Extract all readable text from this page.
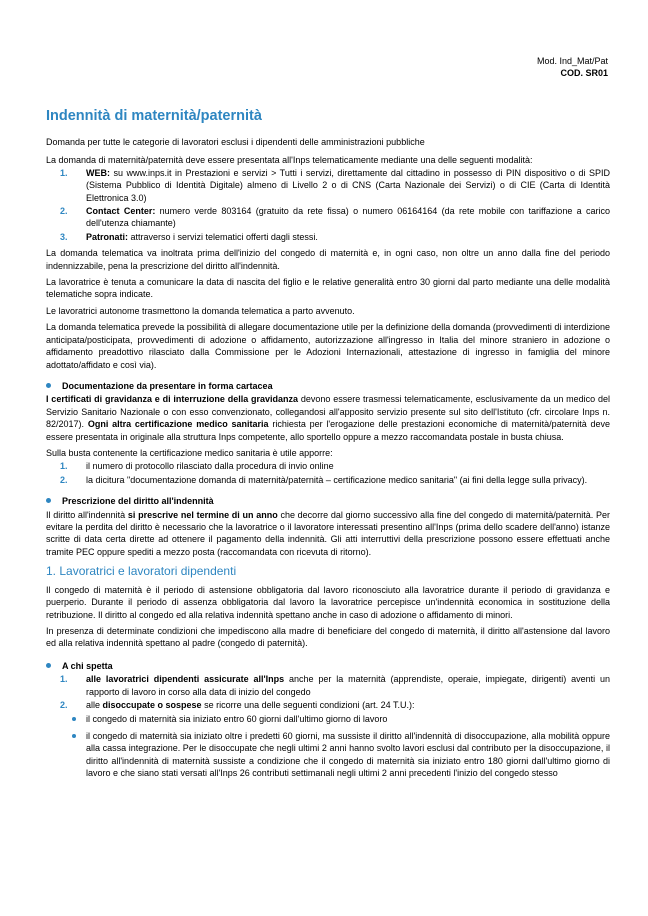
Mod. Ind_Mat/Pat
COD. SR01
Indennità di maternità/paternità

Domanda per tutte le categorie di lavoratori esclusi i dipendenti delle amministrazioni pubbliche

La domanda di maternità/paternità deve essere presentata all'Inps telematicamente mediante una delle seguenti modalità:

1. WEB: su www.inps.it in Prestazioni e servizi > Tutti i servizi, direttamente dal cittadino in possesso di PIN dispositivo o di SPID (Sistema Pubblico di Identità Digitale) almeno di Livello 2 o di CNS (Carta Nazionale dei Servizi) o di CIE (Carta di Identità Elettronica 3.0)
2. Contact Center: numero verde 803164 (gratuito da rete fissa) o numero 06164164 (da rete mobile con tariffazione a carico dell'utenza chiamante)
3. Patronati: attraverso i servizi telematici offerti dagli stessi.

La domanda telematica va inoltrata prima dell'inizio del congedo di maternità e, in ogni caso, non oltre un anno dalla fine del periodo indennizzabile, pena la prescrizione del diritto all'indennità.

La lavoratrice è tenuta a comunicare la data di nascita del figlio e le relative generalità entro 30 giorni dal parto mediante una delle modalità telematiche sopra indicate.

Le lavoratrici autonome trasmettono la domanda telematica a parto avvenuto.

La domanda telematica prevede la possibilità di allegare documentazione utile per la definizione della domanda (provvedimenti di interdizione anticipata/posticipata, provvedimenti di adozione o affidamento, autorizzazione all'ingresso in Italia del minore straniero in adozione o affidamento preadottivo rilasciato dalla Commissione per le Adozioni Internazionali, attestazione di ingresso in famiglia del minore adottato/affidato e così via).

Documentazione da presentare in forma cartacea

I certificati di gravidanza e di interruzione della gravidanza devono essere trasmessi telematicamente, esclusivamente da un medico del Servizio Sanitario Nazionale o con esso convenzionato, collegandosi all'apposito servizio presente sul sito dell'Istituto (cfr. circolare Inps n. 82/2017). Ogni altra certificazione medico sanitaria richiesta per l'erogazione delle prestazioni economiche di maternità/paternità deve essere presentata in originale alla struttura Inps competente, allo sportello oppure a mezzo raccomandata postale in busta chiusa.

Sulla busta contenente la certificazione medico sanitaria è utile apporre:

1. il numero di protocollo rilasciato dalla procedura di invio online
2. la dicitura "documentazione domanda di maternità/paternità – certificazione medico sanitaria" (ai fini della legge sulla privacy).
Prescrizione del diritto all'indennità

Il diritto all'indennità si prescrive nel termine di un anno che decorre dal giorno successivo alla fine del congedo di maternità/paternità. Per evitare la perdita del diritto è necessario che la lavoratrice o il lavoratore interessati presentino all'Inps (prima dello scadere dell'anno) istanze scritte di data certa dirette ad ottenere il pagamento della indennità. Gli atti interruttivi della prescrizione possono essere effettuati anche tramite PEC oppure spediti a mezzo posta (raccomandata con ricevuta di ritorno).

1. Lavoratrici e lavoratori dipendenti

Il congedo di maternità è il periodo di astensione obbligatoria dal lavoro riconosciuto alla lavoratrice durante il periodo di gravidanza e puerperio. Durante il periodo di assenza obbligatoria dal lavoro la lavoratrice percepisce un'indennità economica in sostituzione della retribuzione. Il diritto al congedo ed alla relativa indennità spettano anche in caso di adozione o affidamento di minori.

In presenza di determinate condizioni che impediscono alla madre di beneficiare del congedo di maternità, il diritto all'astensione dal lavoro ed alla relativa indennità spettano al padre (congedo di paternità).

A chi spetta
1. alle lavoratrici dipendenti assicurate all'Inps anche per la maternità (apprendiste, operaie, impiegate, dirigenti) aventi un rapporto di lavoro in corso alla data di inizio del congedo
2. alle disoccupate o sospese se ricorre una delle seguenti condizioni (art. 24 T.U.):
il congedo di maternità sia iniziato entro 60 giorni dall'ultimo giorno di lavoro
il congedo di maternità sia iniziato oltre i predetti 60 giorni, ma sussiste il diritto all'indennità di disoccupazione, alla mobilità oppure alla cassa integrazione. Per le disoccupate che negli ultimi 2 anni hanno svolto lavori esclusi dal contributo per la disoccupazione, il diritto all'indennità di maternità sussiste a condizione che il congedo di maternità sia iniziato entro 180 giorni dall'ultimo giorno di lavoro e che siano stati versati all'Inps 26 contributi settimanali negli ultimi 2 anni precedenti l'inizio del congedo stesso
